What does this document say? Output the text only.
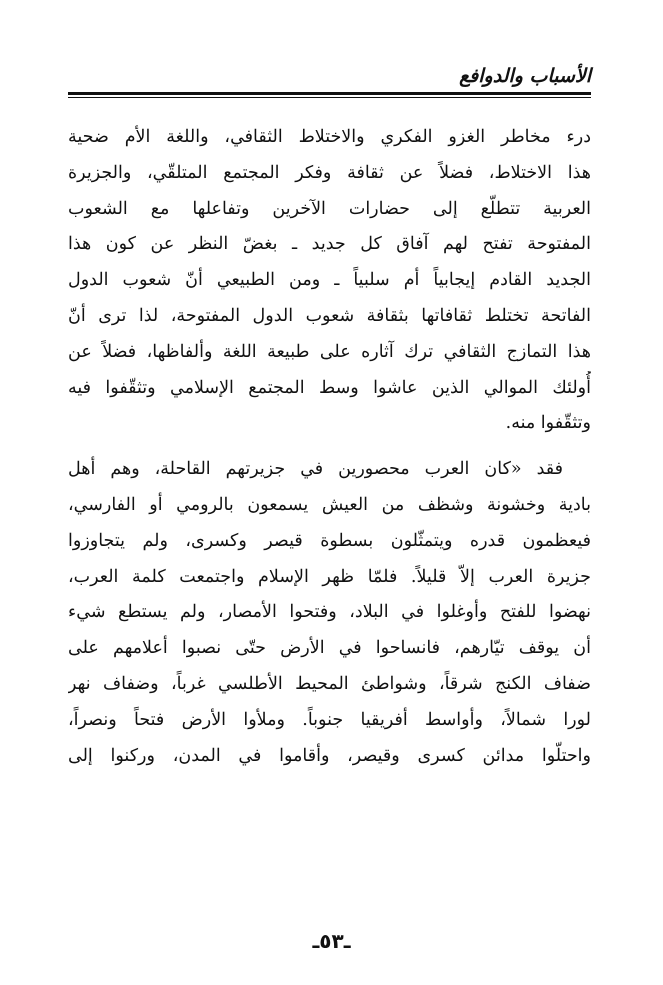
الأسباب والدوافع
درء مخاطر الغزو الفكري والاختلاط الثقافي، واللغة الأم ضحية
هذا الاختلاط، فضلاً عن ثقافة وفكر المجتمع المتلقّي، والجزيرة
العربية تتطلّع إلى حضارات الآخرين وتفاعلها مع الشعوب
المفتوحة تفتح لهم آفاق كل جديد ـ بغضّ النظر عن كون هذا
الجديد القادم إيجابياً أم سلبياً ـ ومن الطبيعي أنّ شعوب الدول
الفاتحة تختلط ثقافاتها بثقافة شعوب الدول المفتوحة، لذا ترى أنّ
هذا التمازج الثقافي ترك آثاره على طبيعة اللغة وألفاظها، فضلاً عن
أُولئك الموالي الذين عاشوا وسط المجتمع الإسلامي وتثقّفوا فيه
وتثقّفوا منه.
فقد «كان العرب محصورين في جزيرتهم القاحلة، وهم أهل
بادية وخشونة وشظف من العيش يسمعون بالرومي أو الفارسي،
فيعظمون قدره ويتمثّلون بسطوة قيصر وكسرى، ولم يتجاوزوا
جزيرة العرب إلاّ قليلاً. فلمّا ظهر الإسلام واجتمعت كلمة العرب،
نهضوا للفتح وأوغلوا في البلاد، وفتحوا الأمصار، ولم يستطع شيء
أن يوقف تيّارهم، فانساحوا في الأرض حتّى نصبوا أعلامهم على
ضفاف الكنج شرقاً، وشواطئ المحيط الأطلسي غرباً، وضفاف نهر
لورا شمالاً، وأواسط أفريقيا جنوباً. وملأوا الأرض فتحاً ونصراً،
واحتلّوا مدائن كسرى وقيصر، وأقاموا في المدن، وركنوا إلى
ـ٥٣ـ
